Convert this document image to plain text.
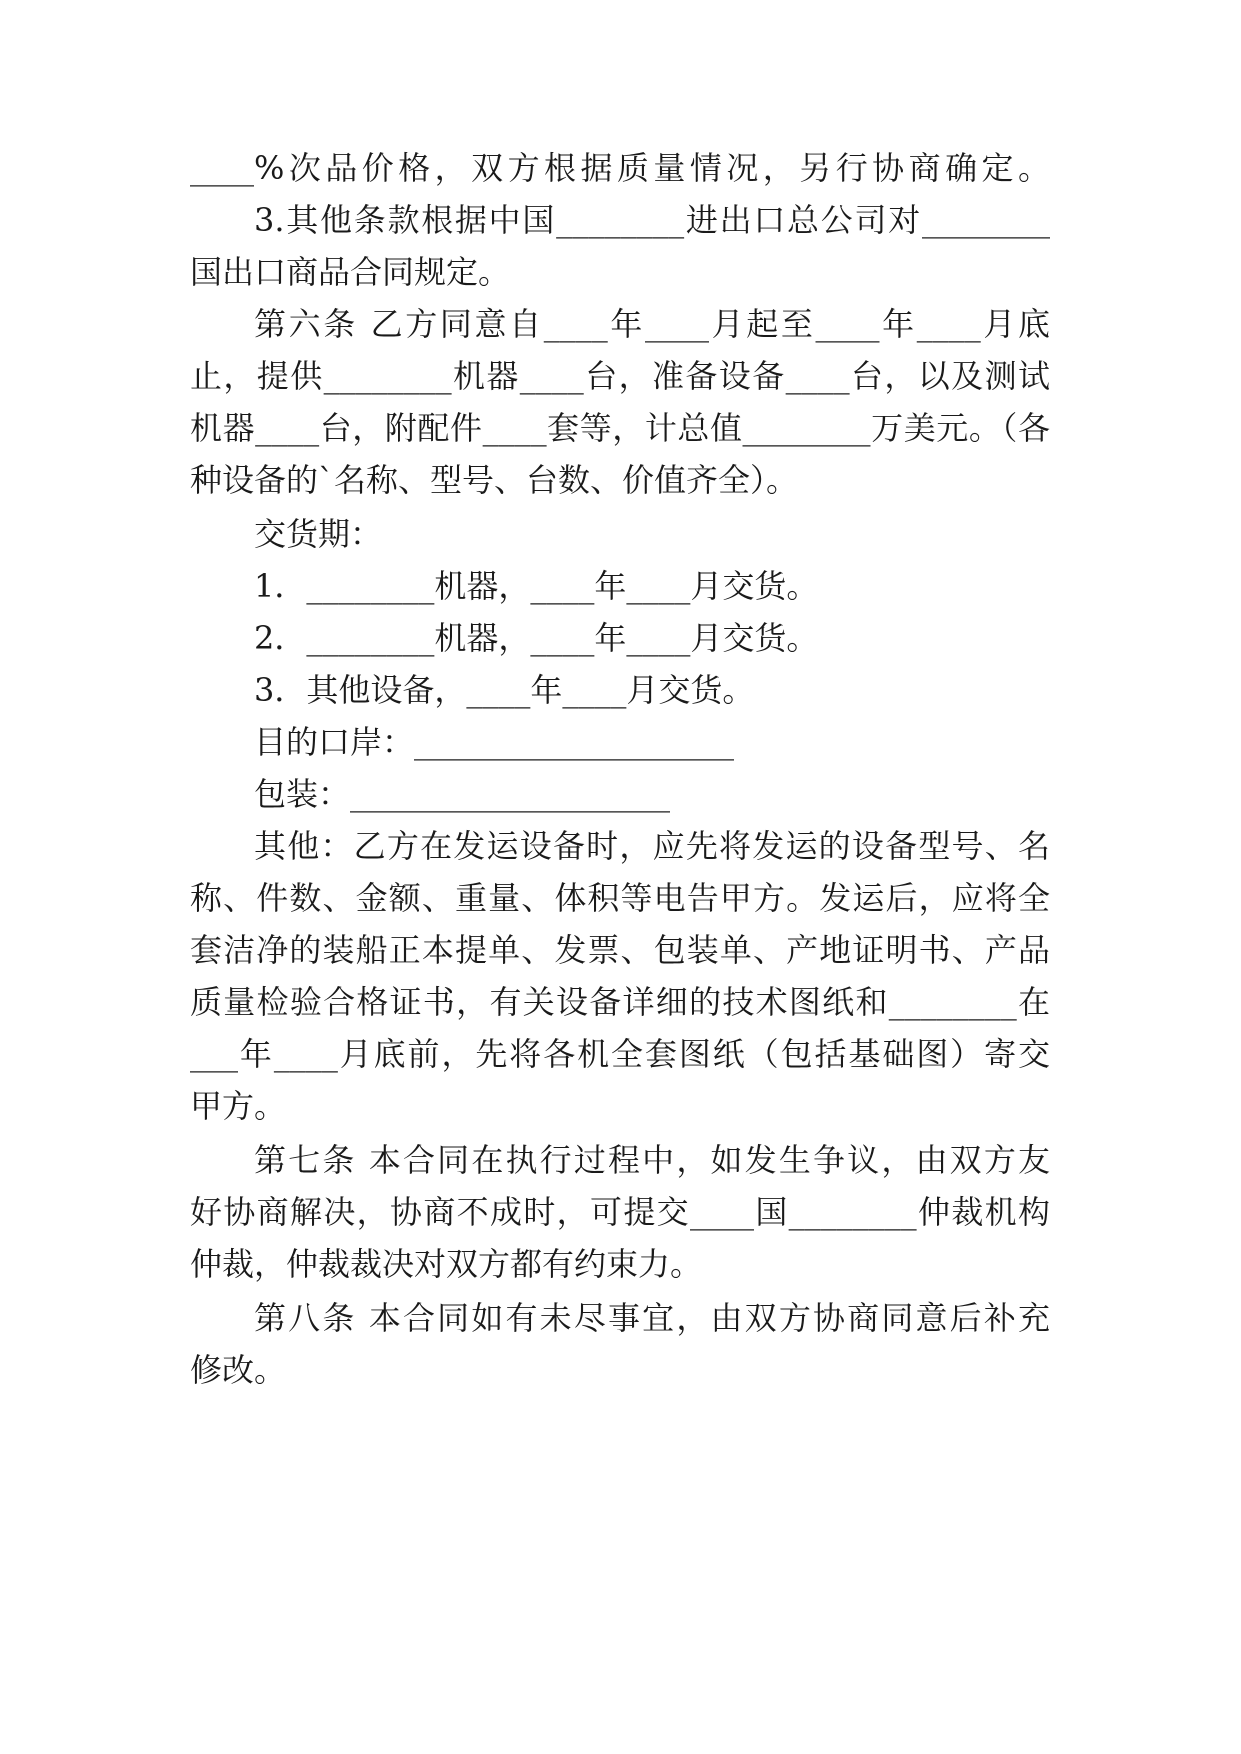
____%次品价格，双方根据质量情况，另行协商确定。
3.其他条款根据中国________进出口总公司对________
国出口商品合同规定。
第六条 乙方同意自____年____月起至____年____月底
止，提供________机器____台，准备设备____台，以及测试
机器____台，附配件____套等，计总值________万美元。（各
种设备的`名称、型号、台数、价值齐全）。
交货期：
1．________机器，____年____月交货。
2．________机器，____年____月交货。
3．其他设备，____年____月交货。
目的口岸：____________________
包装：____________________
其他：乙方在发运设备时，应先将发运的设备型号、名
称、件数、金额、重量、体积等电告甲方。发运后，应将全
套洁净的装船正本提单、发票、包装单、产地证明书、产品
质量检验合格证书，有关设备详细的技术图纸和________在
___年____月底前，先将各机全套图纸（包括基础图）寄交
甲方。
第七条 本合同在执行过程中，如发生争议，由双方友
好协商解决，协商不成时，可提交____国________仲裁机构
仲裁，仲裁裁决对双方都有约束力。
第八条 本合同如有未尽事宜，由双方协商同意后补充
修改。
